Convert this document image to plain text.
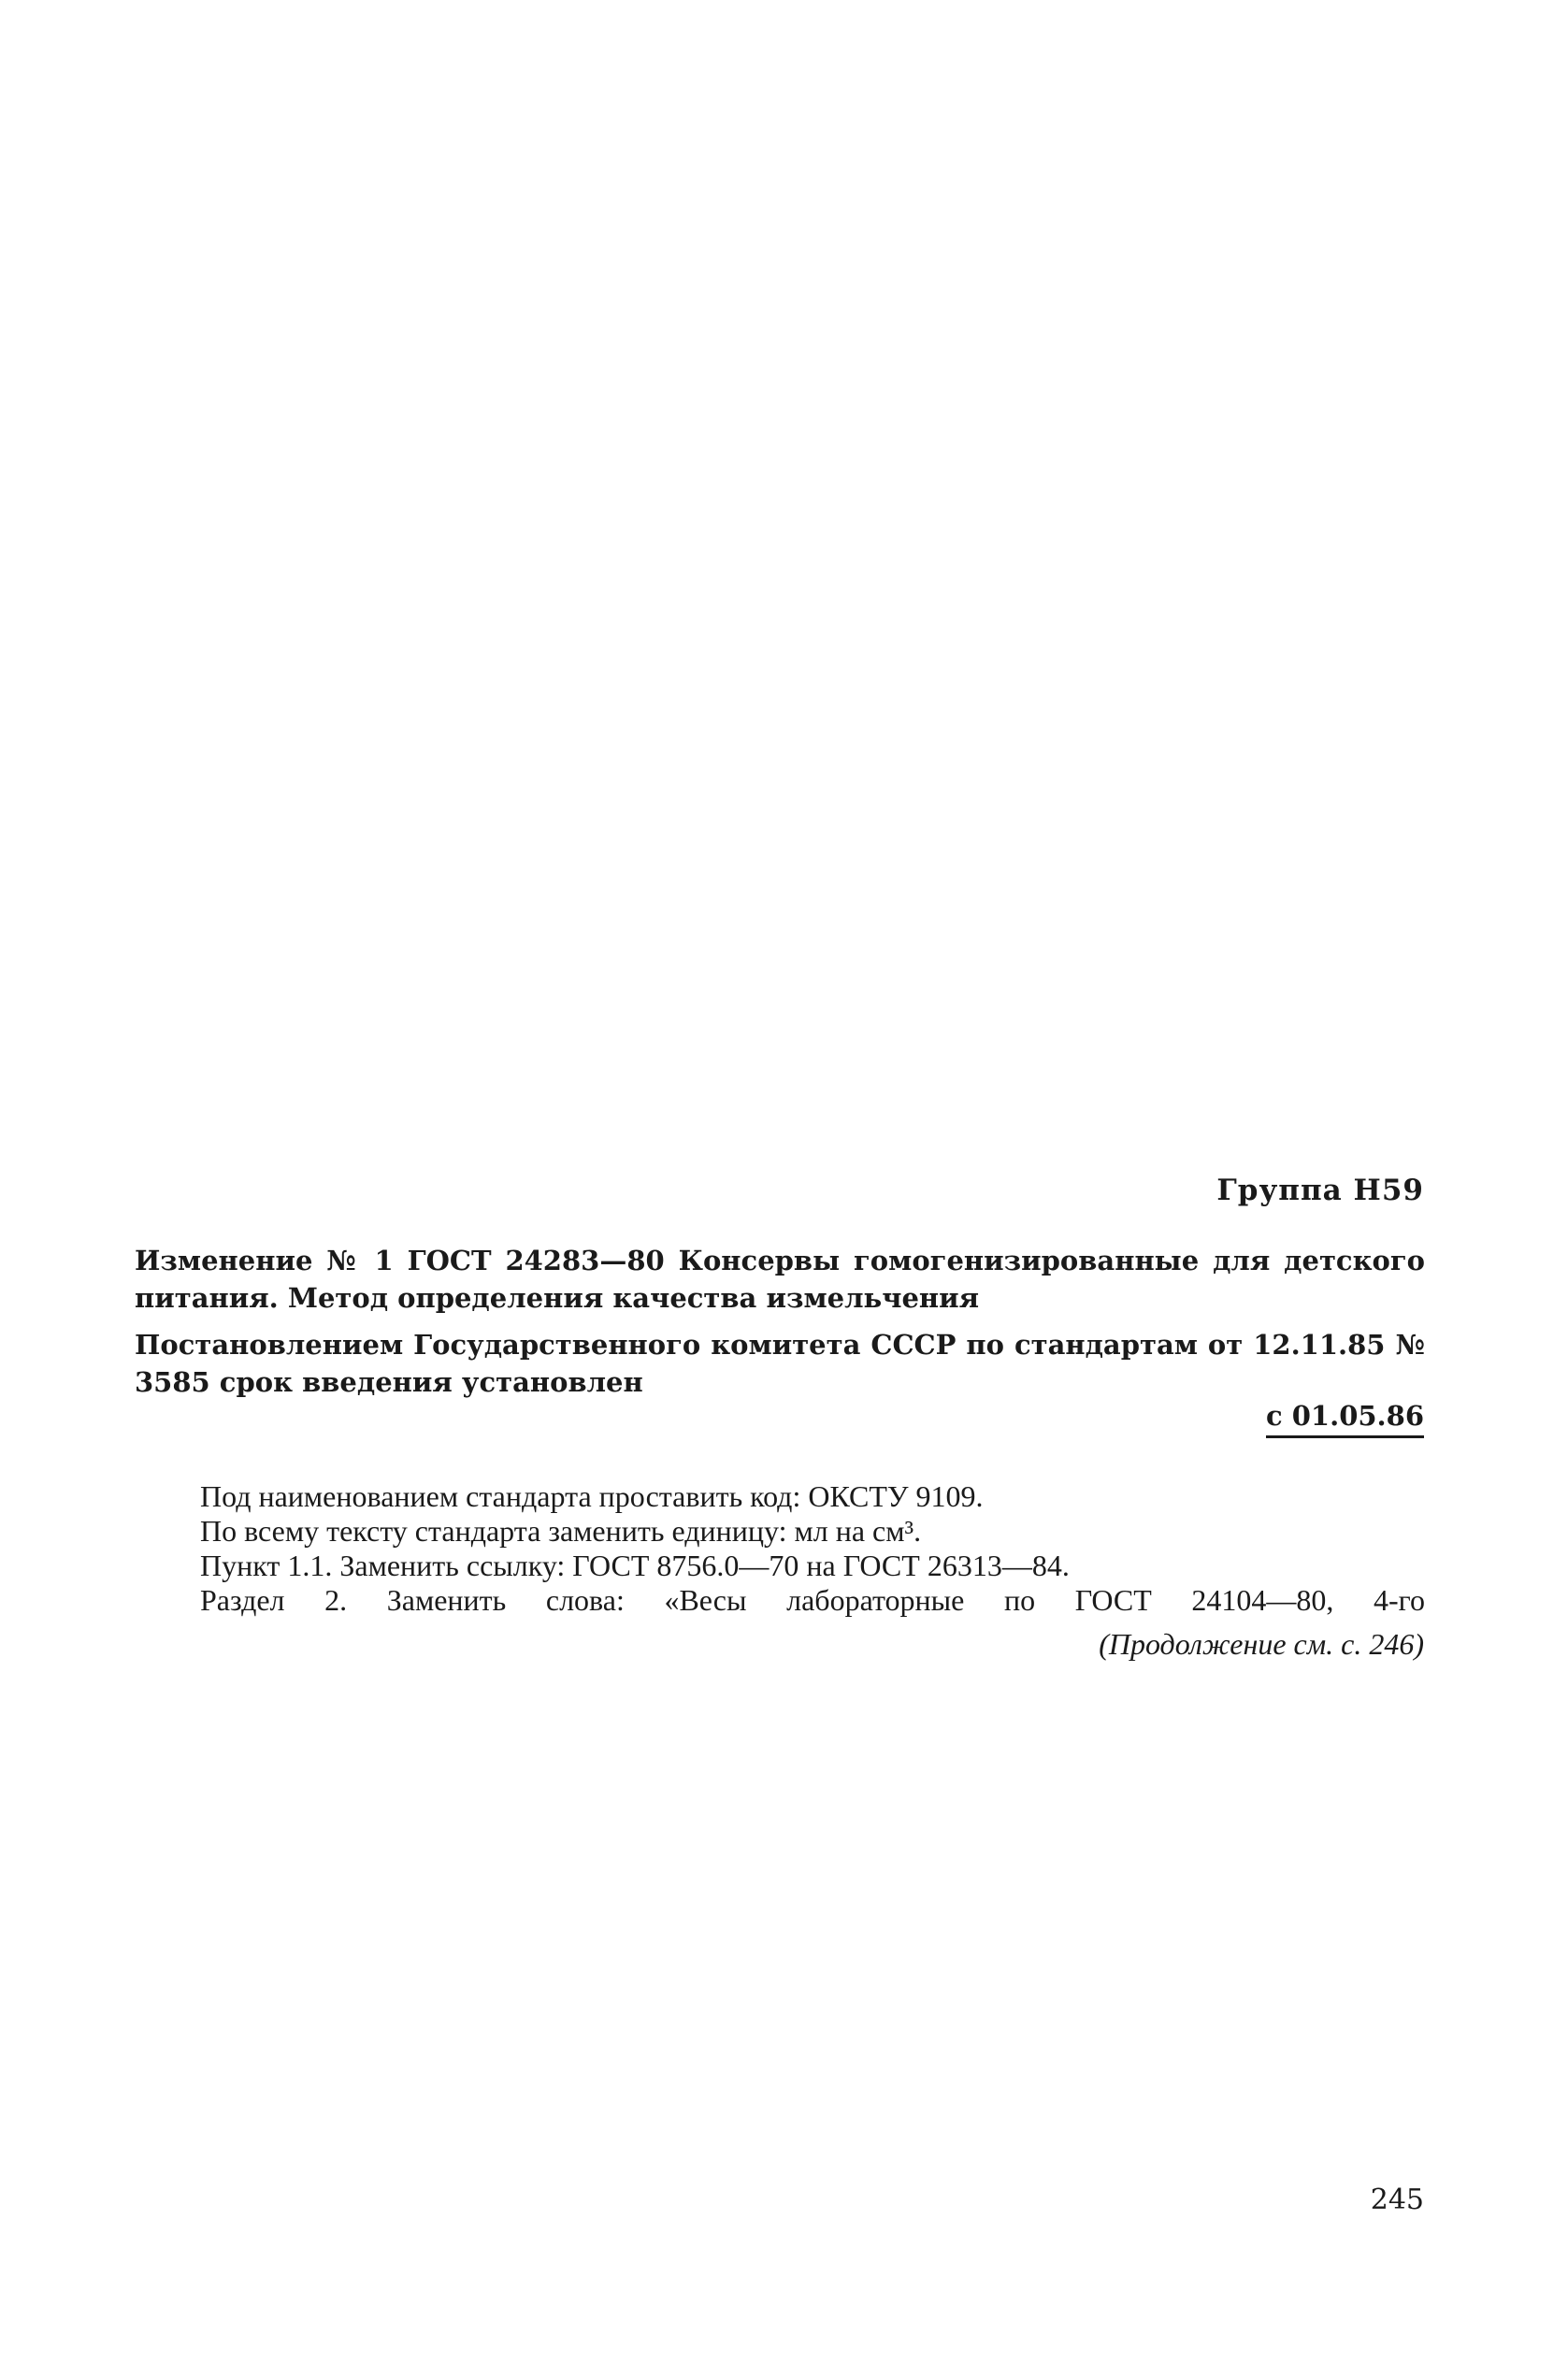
Группа Н59
Изменение № 1 ГОСТ 24283—80 Консервы гомогенизированные для детского питания. Метод определения качества измельчения
Постановлением Государственного комитета СССР по стандартам от 12.11.85 № 3585 срок введения установлен
с 01.05.86
Под наименованием стандарта проставить код: ОКСТУ 9109.
По всему тексту стандарта заменить единицу: мл на см³.
Пункт 1.1. Заменить ссылку: ГОСТ 8756.0—70 на ГОСТ 26313—84.
Раздел 2. Заменить слова: «Весы лабораторные по ГОСТ 24104—80, 4-го
(Продолжение см. с. 246)
245
